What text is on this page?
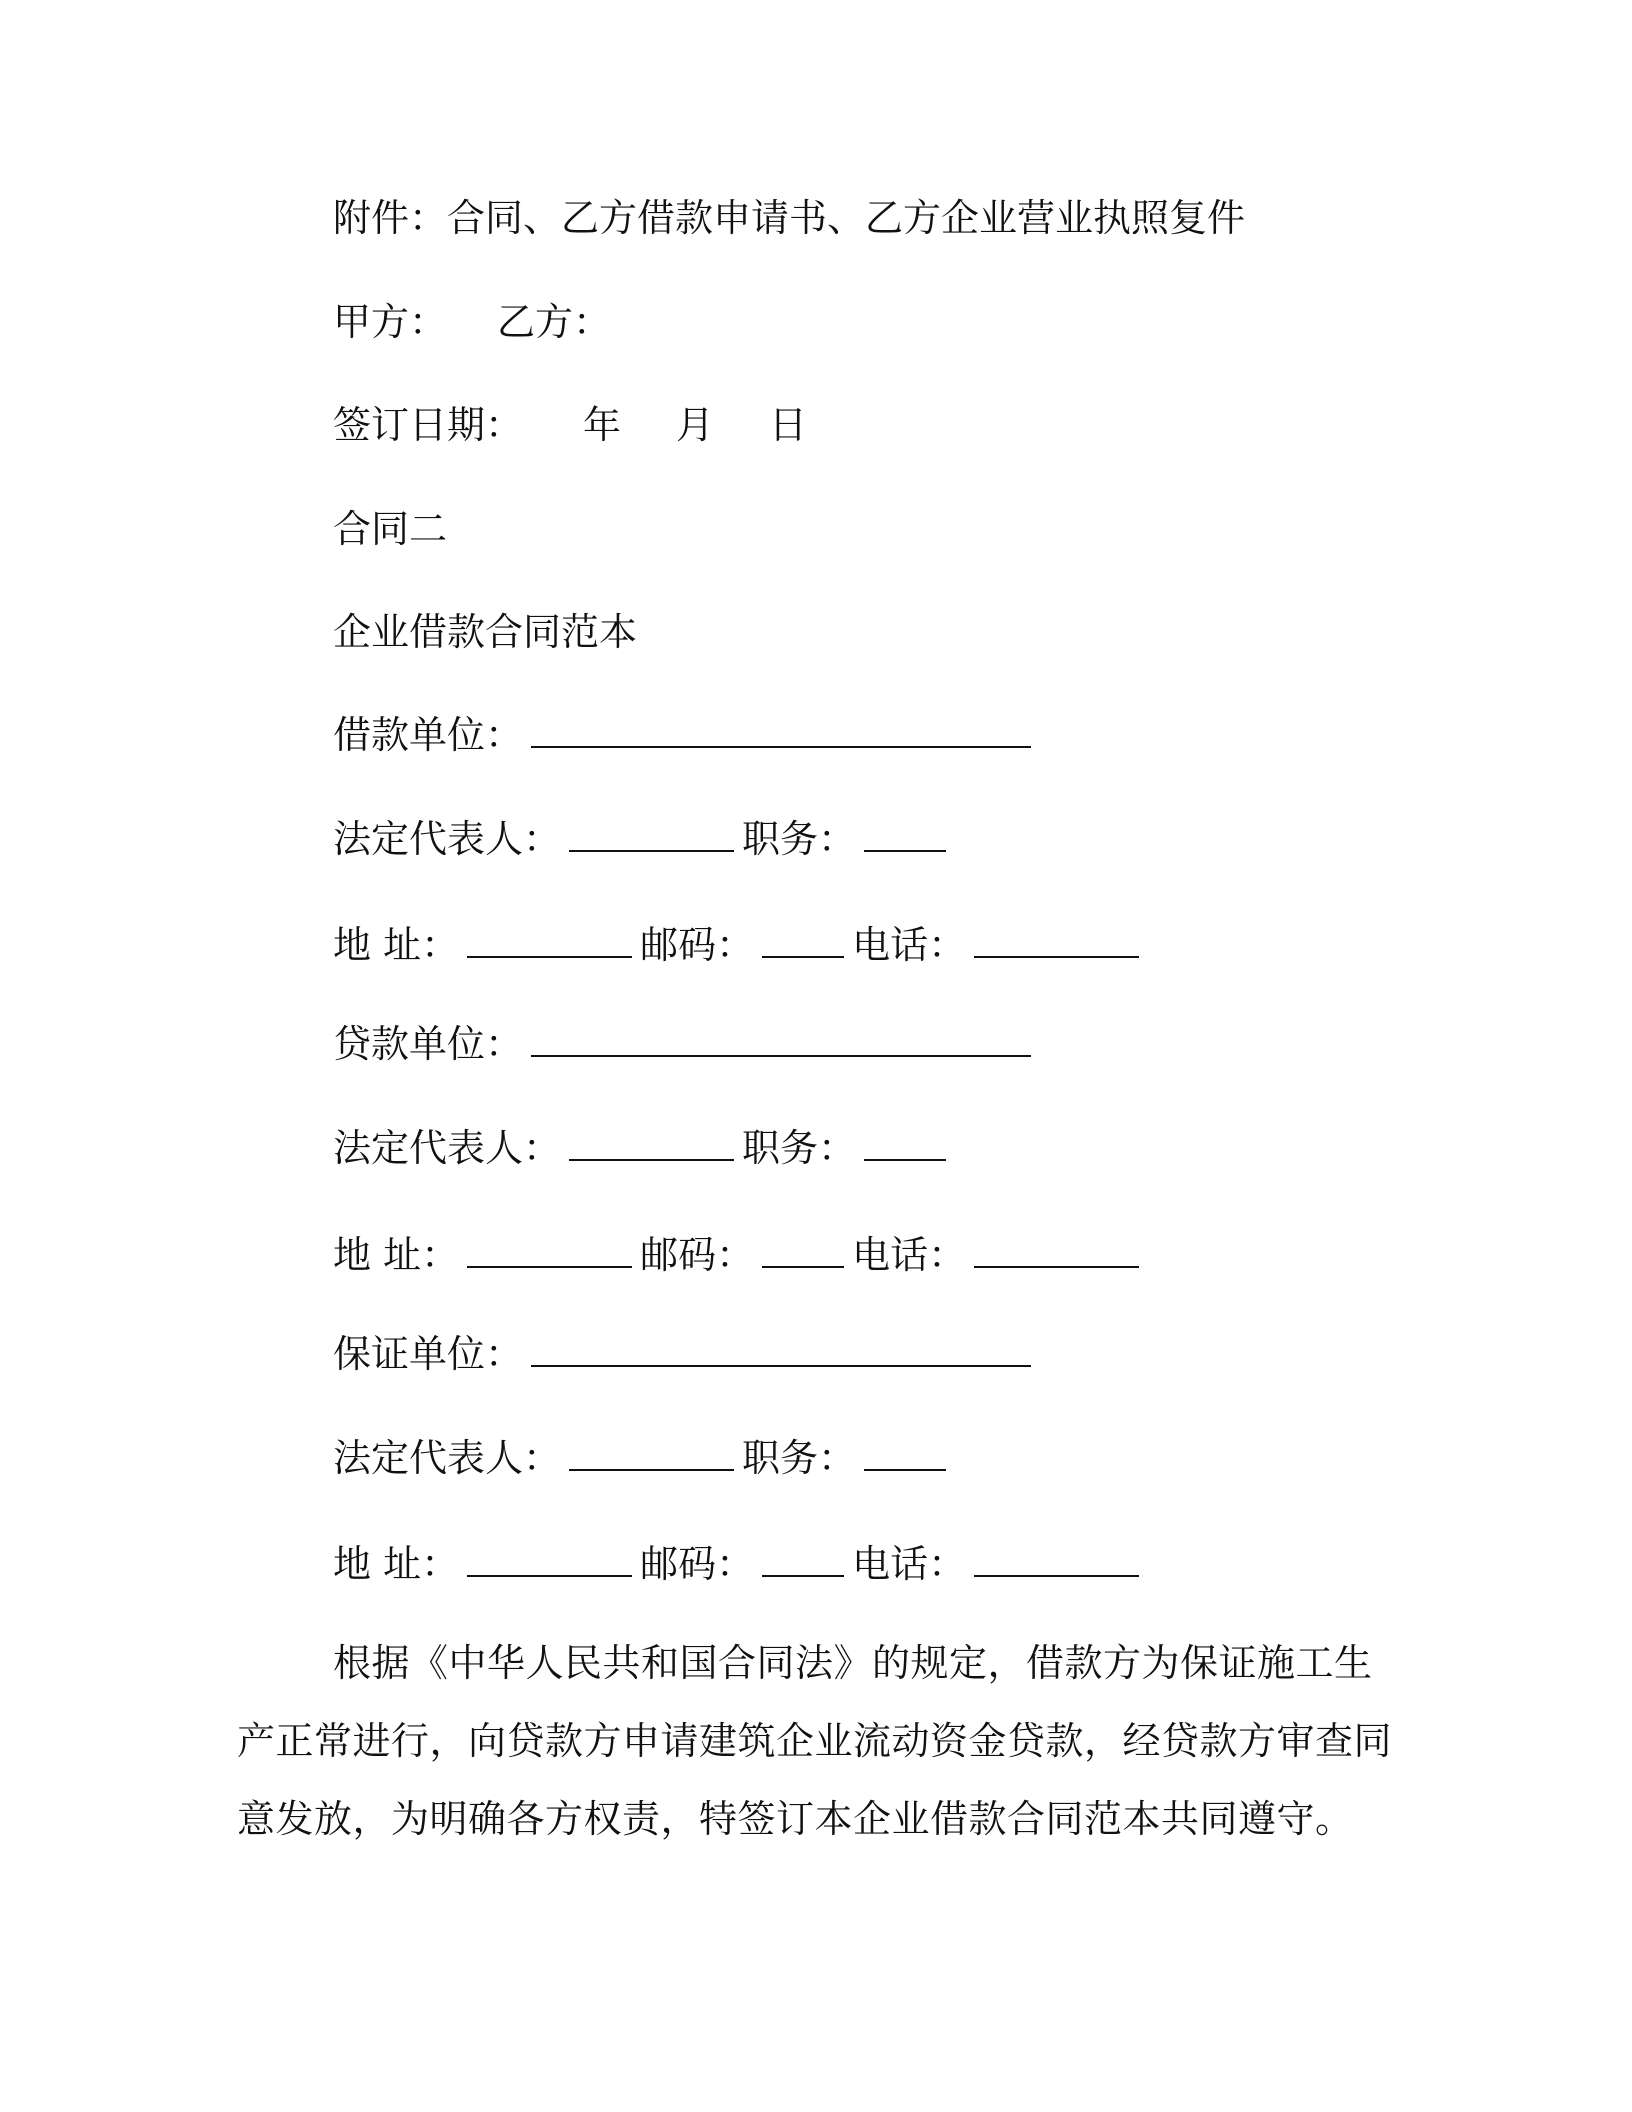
附件：合同、乙方借款申请书、乙方企业营业执照复件
甲方： 乙方：
签订日期： 年 月 日
合同二
企业借款合同范本
借款单位：
法定代表人：	职务：
地 址：	邮码：	电话：
贷款单位：
法定代表人：	职务：
地 址：	邮码：	电话：
保证单位：
法定代表人：	职务：
地 址：	邮码：	电话：
根据《中华人民共和国合同法》的规定，借款方为保证施工生产正常进行，向贷款方申请建筑企业流动资金贷款，经贷款方审查同意发放，为明确各方权责，特签订本企业借款合同范本共同遵守。
